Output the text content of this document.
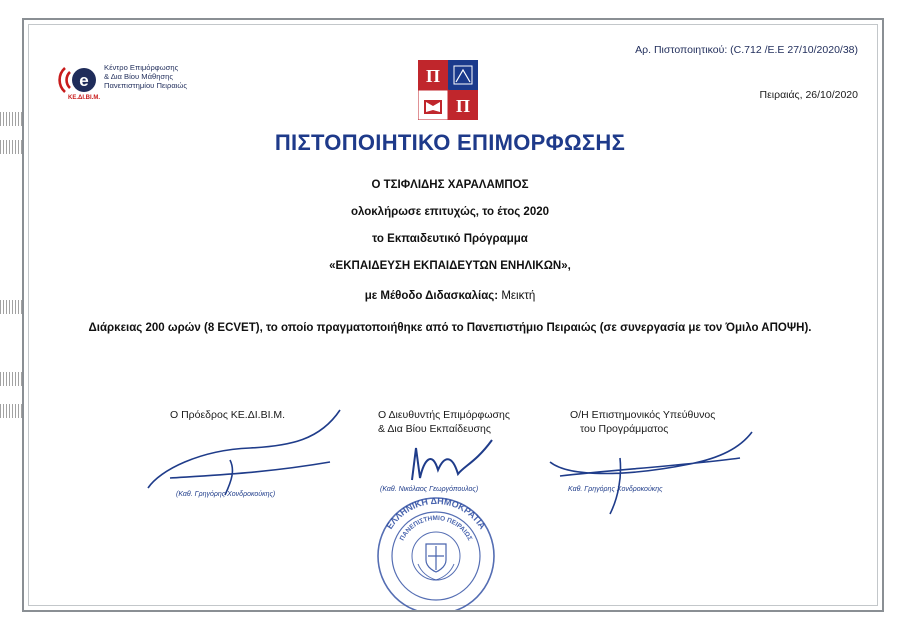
e
Κέντρο Επιμόρφωσης
& Δια Βίου Μάθησης
Πανεπιστημίου Πειραιώς
ΚΕ.ΔΙ.ΒΙ.Μ.
Π
Π
Αρ. Πιστοποιητικού: (C.712 /Ε.Ε 27/10/2020/38)
Πειραιάς, 26/10/2020
ΠΙΣΤΟΠΟΙΗΤΙΚΟ ΕΠΙΜΟΡΦΩΣΗΣ
Ο ΤΣΙΦΛΙΔΗΣ ΧΑΡΑΛΑΜΠΟΣ
ολοκλήρωσε επιτυχώς, το έτος 2020
το Εκπαιδευτικό Πρόγραμμα
«ΕΚΠΑΙΔΕΥΣΗ ΕΚΠΑΙΔΕΥΤΩΝ ΕΝΗΛΙΚΩΝ»,
με Μέθοδο Διδασκαλίας: Μεικτή
Διάρκειας 200 ωρών (8 ECVET), το οποίο πραγματοποιήθηκε από το Πανεπιστήμιο Πειραιώς (σε συνεργασία με τον Όμιλο ΑΠΟΨΗ).
Ο Πρόεδρος ΚΕ.ΔΙ.ΒΙ.Μ.	Ο Διευθυντής Επιμόρφωσης
& Δια Βίου Εκπαίδευσης
Ο/Η Επιστημονικός Υπεύθυνος
του Προγράμματος
(Καθ. Γρηγόρης Χονδροκούκης)
(Καθ. Νικόλαος Γεωργόπουλος)	Καθ. Γρηγόρης Χονδροκούκης
ΕΛΛΗΝΙΚΗ ΔΗΜΟΚΡΑΤΙΑ
ΠΑΝΕΠΙΣΤΗΜΙΟ ΠΕΙΡΑΙΩΣ
